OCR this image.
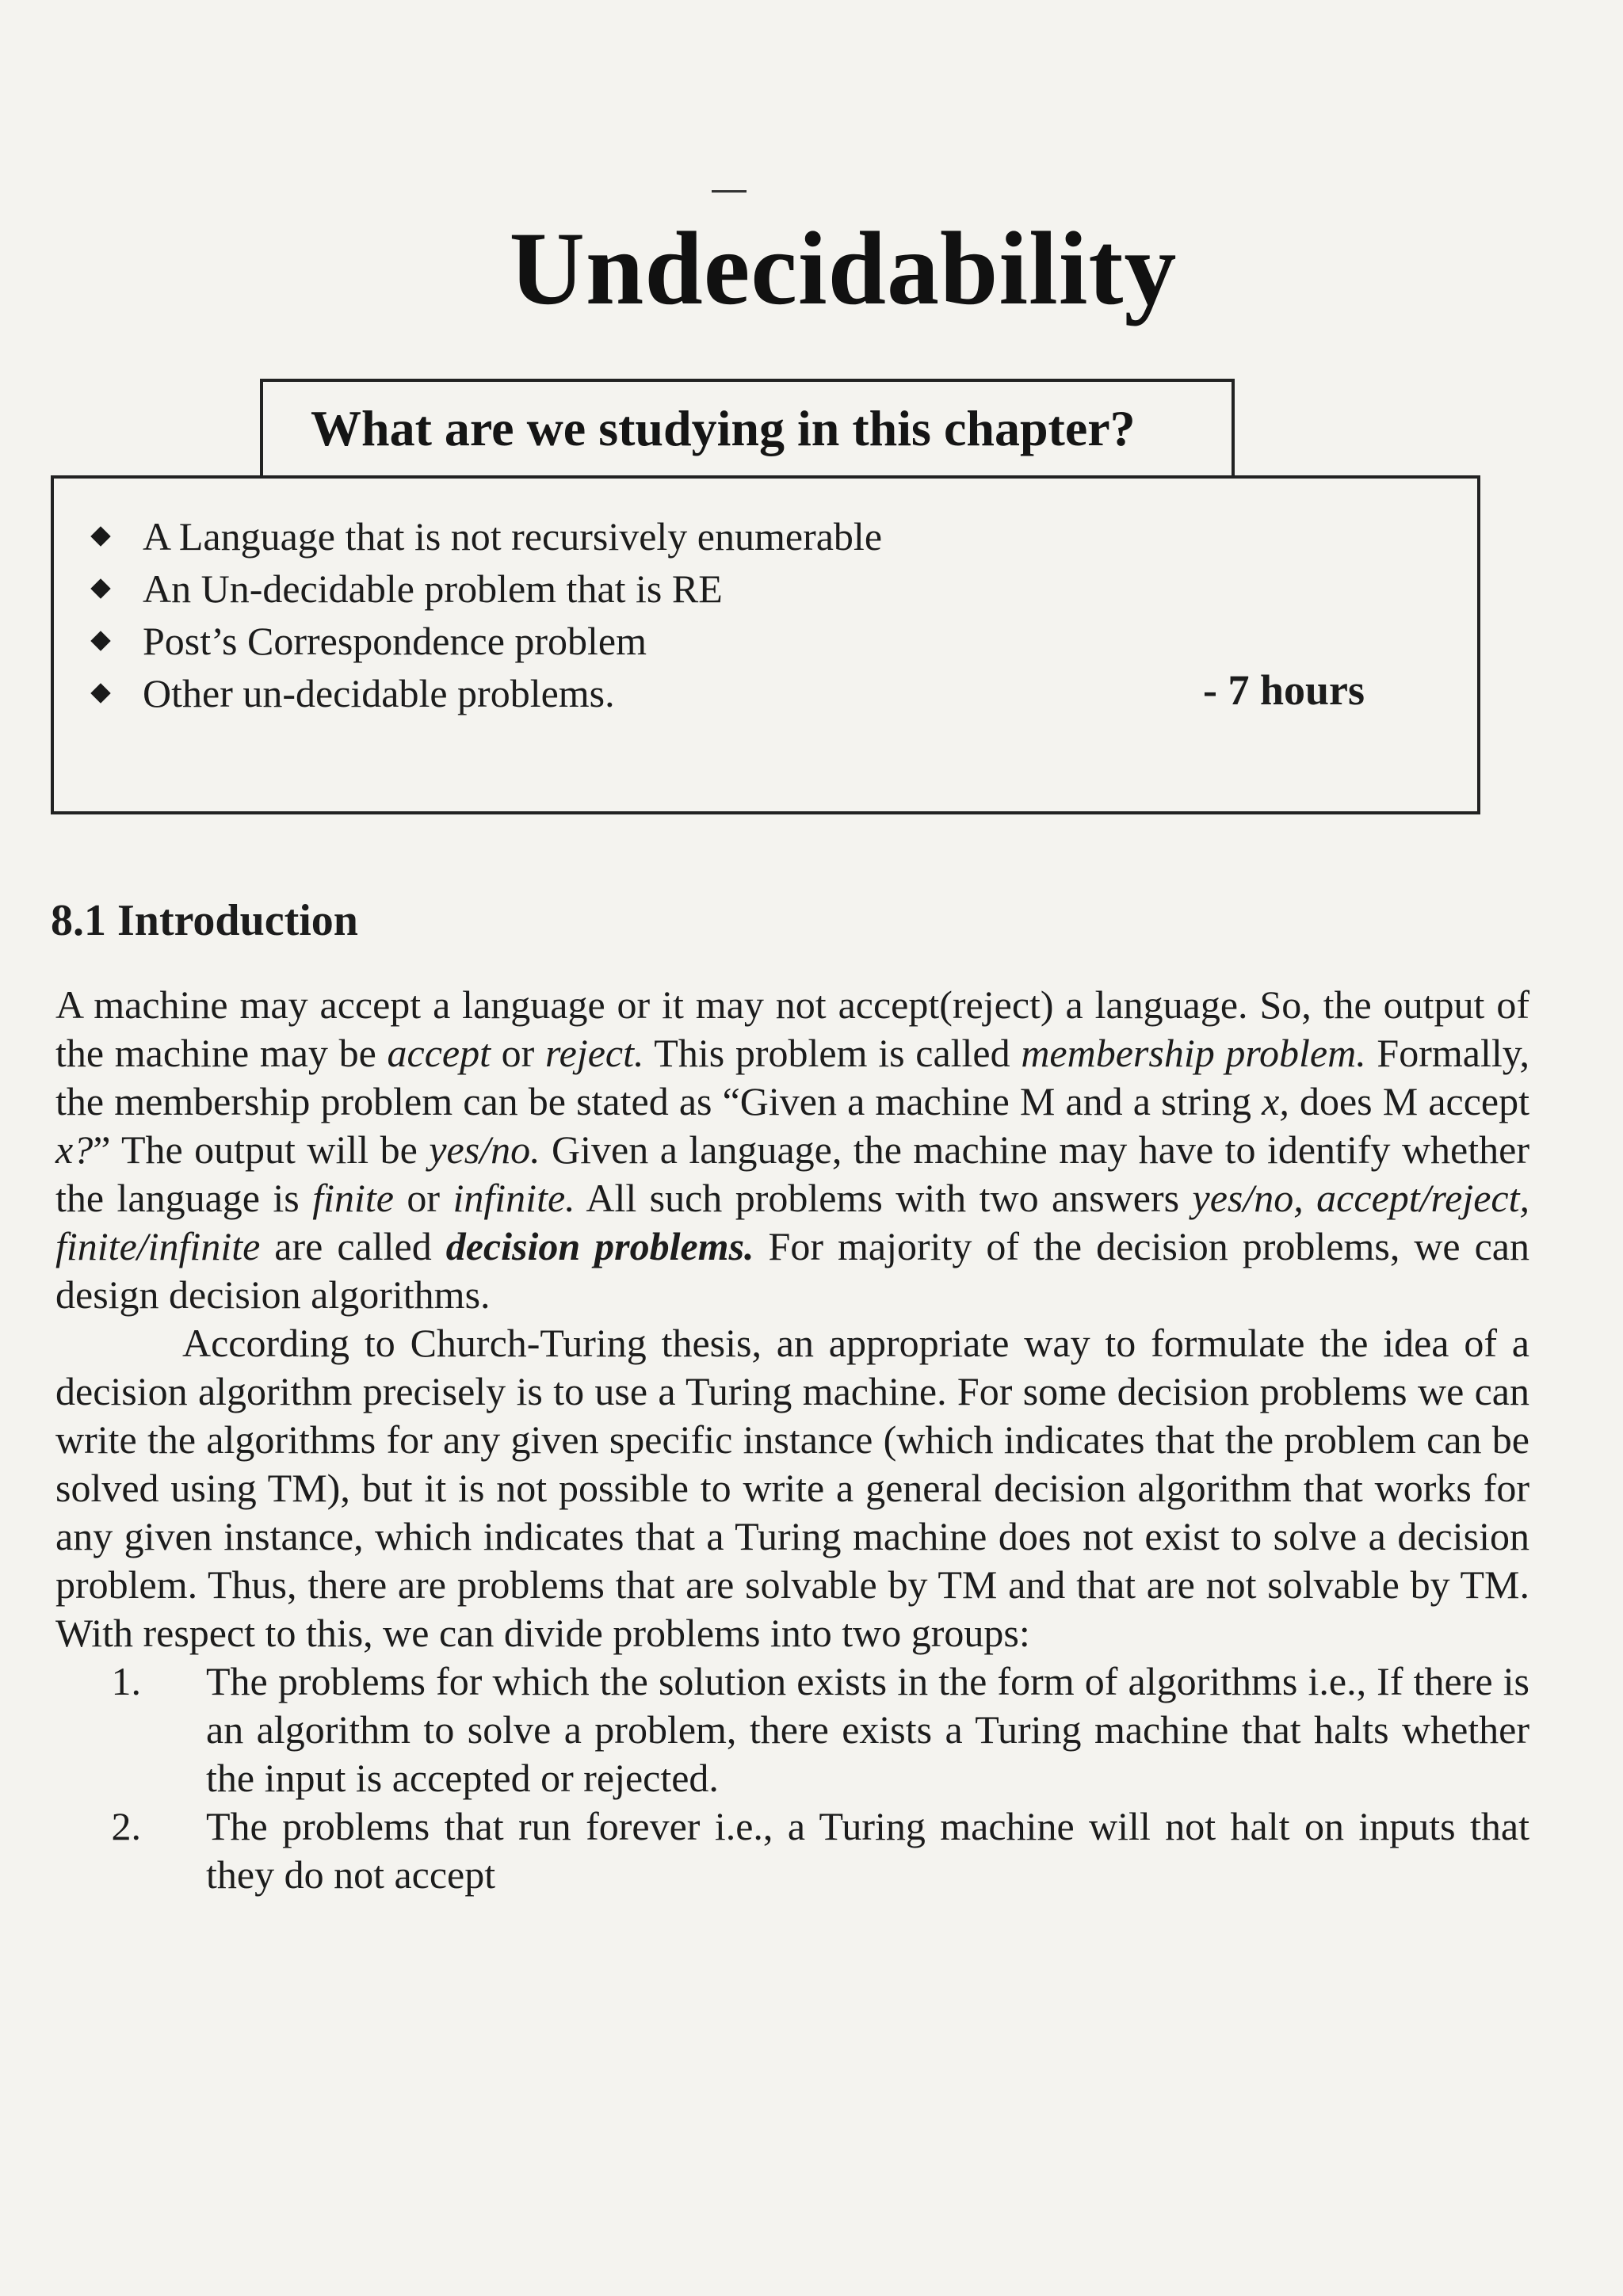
Undecidability
What are we studying in this chapter?
A Language that is not recursively enumerable
An Un-decidable problem that is RE
Post’s Correspondence problem
Other un-decidable problems.	- 7 hours
8.1 Introduction

A machine may accept a language or it may not accept(reject) a language. So, the output of the machine may be accept or reject. This problem is called membership problem. Formally, the membership problem can be stated as “Given a machine M and a string x, does M accept x?” The output will be yes/no. Given a language, the machine may have to identify whether the language is finite or infinite. All such problems with two answers yes/no, accept/reject, finite/infinite are called decision problems. For majority of the decision problems, we can design decision algorithms.

According to Church-Turing thesis, an appropriate way to formulate the idea of a decision algorithm precisely is to use a Turing machine. For some decision problems we can write the algorithms for any given specific instance (which indicates that the problem can be solved using TM), but it is not possible to write a general decision algorithm that works for any given instance, which indicates that a Turing machine does not exist to solve a decision problem. Thus, there are problems that are solvable by TM and that are not solvable by TM. With respect to this, we can divide problems into two groups:

1.	The problems for which the solution exists in the form of algorithms i.e., If there is an algorithm to solve a problem, there exists a Turing machine that halts whether the input is accepted or rejected.
2.	The problems that run forever i.e., a Turing machine will not halt on inputs that they do not accept
